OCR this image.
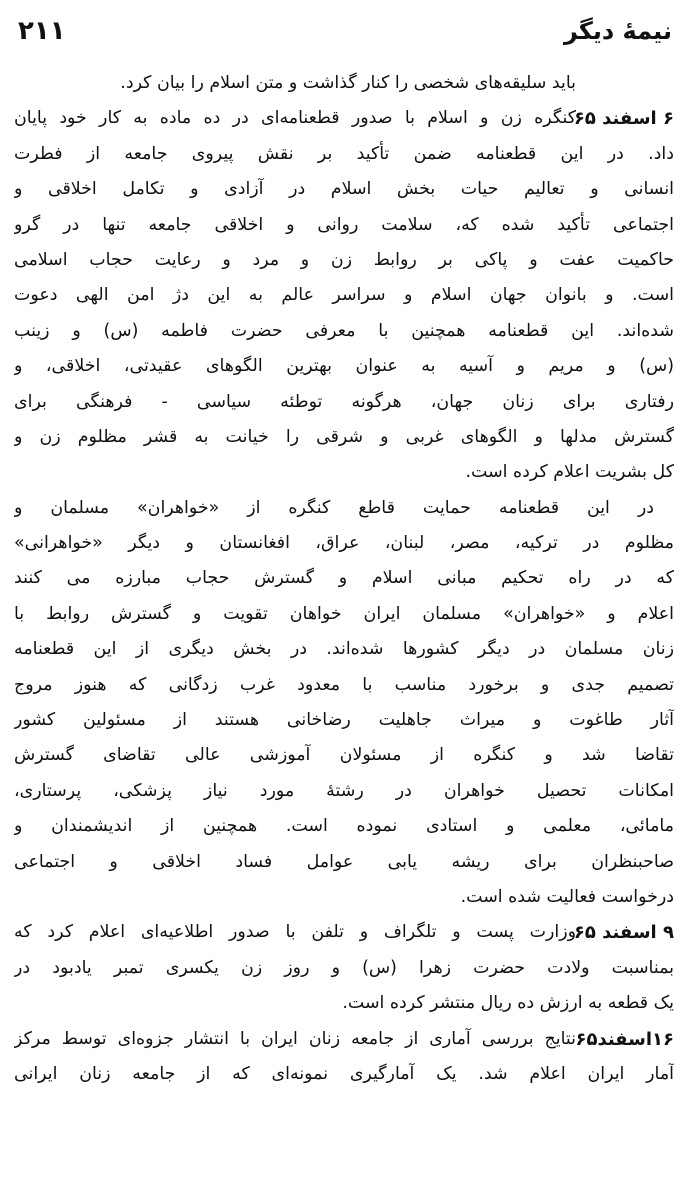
نیمهٔ دیگر
۲۱۱
باید سلیقه‌های شخصی را کنار گذاشت و متن اسلام را بیان کرد.
۶ اسفند ۶۵
کنگره زن و اسلام با صدور قطعنامه‌ای در ده ماده به کار خود پایان
داد. در این قطعنامه ضمن تأکید بر نقش پیروی جامعه از فطرت
انسانی و تعالیم حیات بخش اسلام در آزادی و تکامل اخلاقی و
اجتماعی تأکید شده که، سلامت روانی و اخلاقی جامعه تنها در گرو
حاکمیت عفت و پاکی بر روابط زن و مرد و رعایت حجاب اسلامی
است. و بانوان جهان اسلام و سراسر عالم به این دژ امن الهی دعوت
شده‌اند. این قطعنامه همچنین با معرفی حضرت فاطمه (س) و زینب
(س) و مریم و آسیه به عنوان بهترین الگوهای عقیدتی، اخلاقی، و
رفتاری برای زنان جهان، هرگونه توطئه سیاسی - فرهنگی برای
گسترش مدلها و الگوهای غربی و شرقی را خیانت به قشر مظلوم زن و
کل بشریت اعلام کرده است.
در این قطعنامه حمایت قاطع کنگره از «خواهران» مسلمان و
مظلوم در ترکیه، مصر، لبنان، عراق، افغانستان و دیگر «خواهرانی»
که در راه تحکیم مبانی اسلام و گسترش حجاب مبارزه می کنند
اعلام و «خواهران» مسلمان ایران خواهان تقویت و گسترش روابط با
زنان مسلمان در دیگر کشورها شده‌اند. در بخش دیگری از این قطعنامه
تصمیم جدی و برخورد مناسب با معدود غرب زدگانی که هنوز مروج
آثار طاغوت و میراث جاهلیت رضاخانی هستند از مسئولین کشور
تقاضا شد و کنگره از مسئولان آموزشی عالی تقاضای گسترش
امکانات تحصیل خواهران در رشتهٔ مورد نیاز پزشکی، پرستاری،
مامائی، معلمی و استادی نموده است. همچنین از اندیشمندان و
صاحبنظران برای ریشه یابی عوامل فساد اخلاقی و اجتماعی
درخواست فعالیت شده است.
۹ اسفند ۶۵
وزارت پست و تلگراف و تلفن با صدور اطلاعیه‌ای اعلام کرد که
بمناسبت ولادت حضرت زهرا (س) و روز زن یکسری تمبر یادبود در
یک قطعه به ارزش ده ریال منتشر کرده است.
۱۶اسفند۶۵
نتایج بررسی آماری از جامعه زنان ایران با انتشار جزوه‌ای توسط مرکز
آمار ایران اعلام شد. یک آمارگیری نمونه‌ای که از جامعه زنان ایرانی
